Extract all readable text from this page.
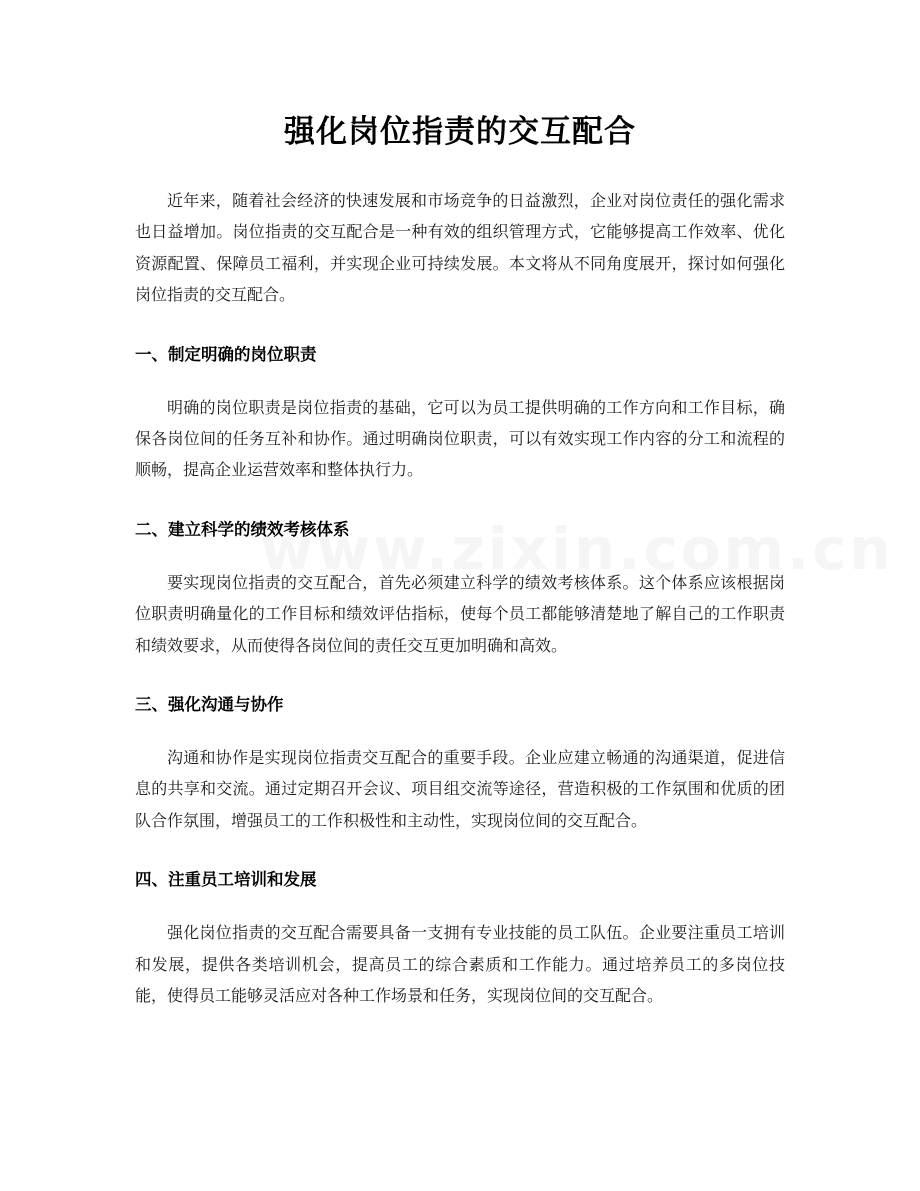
强化岗位指责的交互配合

近年来，随着社会经济的快速发展和市场竞争的日益激烈，企业对岗位责任的强化需求也日益增加。岗位指责的交互配合是一种有效的组织管理方式，它能够提高工作效率、优化资源配置、保障员工福利，并实现企业可持续发展。本文将从不同角度展开，探讨如何强化岗位指责的交互配合。

一、制定明确的岗位职责

明确的岗位职责是岗位指责的基础，它可以为员工提供明确的工作方向和工作目标，确保各岗位间的任务互补和协作。通过明确岗位职责，可以有效实现工作内容的分工和流程的顺畅，提高企业运营效率和整体执行力。

二、建立科学的绩效考核体系

要实现岗位指责的交互配合，首先必须建立科学的绩效考核体系。这个体系应该根据岗位职责明确量化的工作目标和绩效评估指标，使每个员工都能够清楚地了解自己的工作职责和绩效要求，从而使得各岗位间的责任交互更加明确和高效。

三、强化沟通与协作

沟通和协作是实现岗位指责交互配合的重要手段。企业应建立畅通的沟通渠道，促进信息的共享和交流。通过定期召开会议、项目组交流等途径，营造积极的工作氛围和优质的团队合作氛围，增强员工的工作积极性和主动性，实现岗位间的交互配合。

四、注重员工培训和发展

强化岗位指责的交互配合需要具备一支拥有专业技能的员工队伍。企业要注重员工培训和发展，提供各类培训机会，提高员工的综合素质和工作能力。通过培养员工的多岗位技能，使得员工能够灵活应对各种工作场景和任务，实现岗位间的交互配合。
